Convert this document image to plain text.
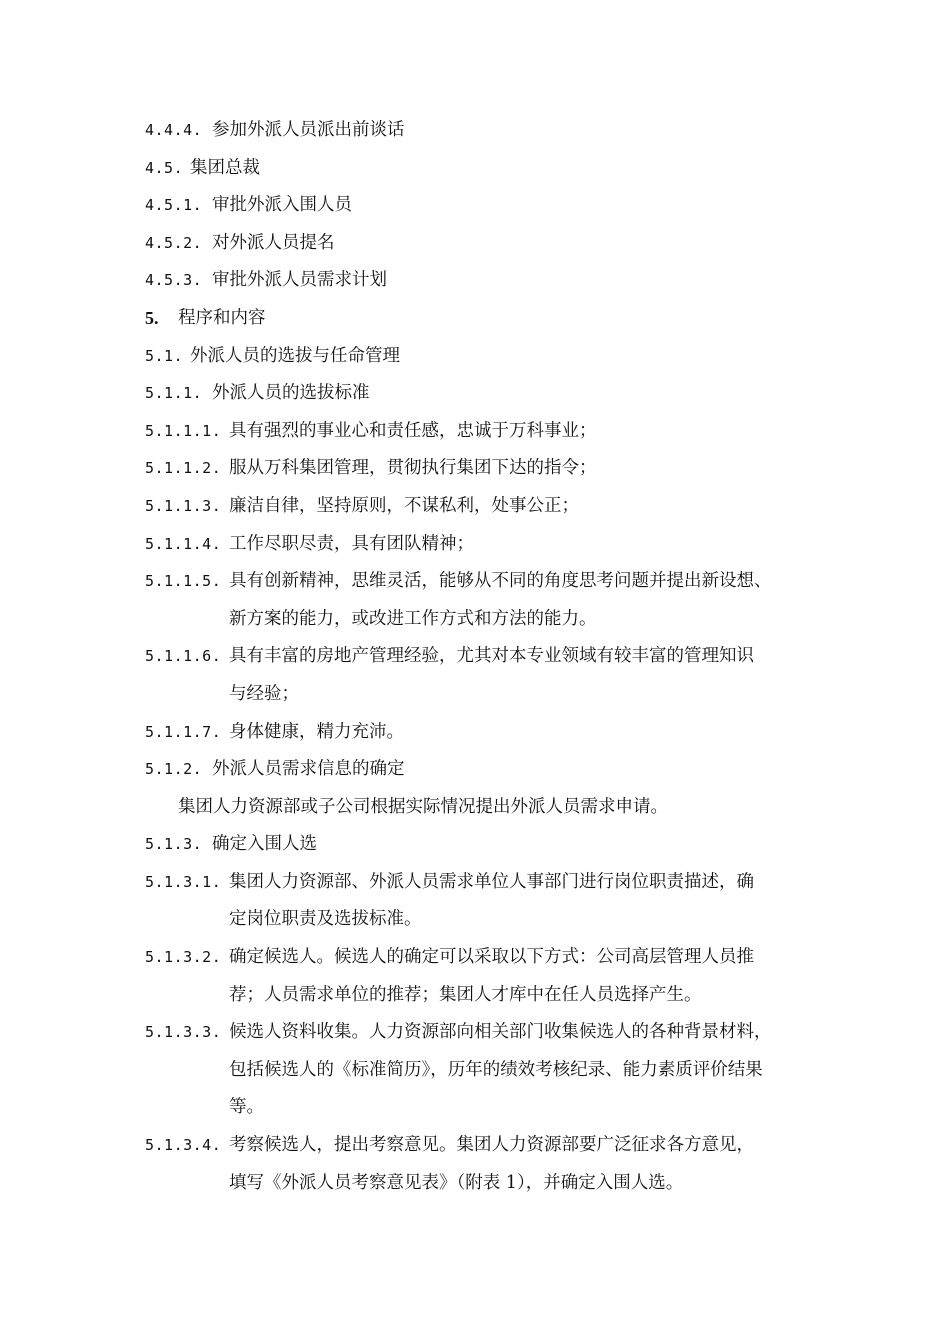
4.4.4. 参加外派人员派出前谈话
4.5. 集团总裁
4.5.1. 审批外派入围人员
4.5.2. 对外派人员提名
4.5.3. 审批外派人员需求计划
5. 程序和内容
5.1. 外派人员的选拔与任命管理
5.1.1. 外派人员的选拔标准
5.1.1.1. 具有强烈的事业心和责任感，忠诚于万科事业；
5.1.1.2. 服从万科集团管理，贯彻执行集团下达的指令；
5.1.1.3. 廉洁自律，坚持原则，不谋私利，处事公正；
5.1.1.4. 工作尽职尽责，具有团队精神；
5.1.1.5. 具有创新精神，思维灵活，能够从不同的角度思考问题并提出新设想、
新方案的能力，或改进工作方式和方法的能力。
5.1.1.6. 具有丰富的房地产管理经验，尤其对本专业领域有较丰富的管理知识
与经验；
5.1.1.7. 身体健康，精力充沛。
5.1.2. 外派人员需求信息的确定
集团人力资源部或子公司根据实际情况提出外派人员需求申请。
5.1.3. 确定入围人选
5.1.3.1. 集团人力资源部、外派人员需求单位人事部门进行岗位职责描述，确
定岗位职责及选拔标准。
5.1.3.2. 确定候选人。候选人的确定可以采取以下方式：公司高层管理人员推
荐；人员需求单位的推荐；集团人才库中在任人员选择产生。
5.1.3.3. 候选人资料收集。人力资源部向相关部门收集候选人的各种背景材料，
包括候选人的《标准简历》，历年的绩效考核纪录、能力素质评价结果
等。
5.1.3.4. 考察候选人，提出考察意见。集团人力资源部要广泛征求各方意见，
填写《外派人员考察意见表》（附表 1），并确定入围人选。
